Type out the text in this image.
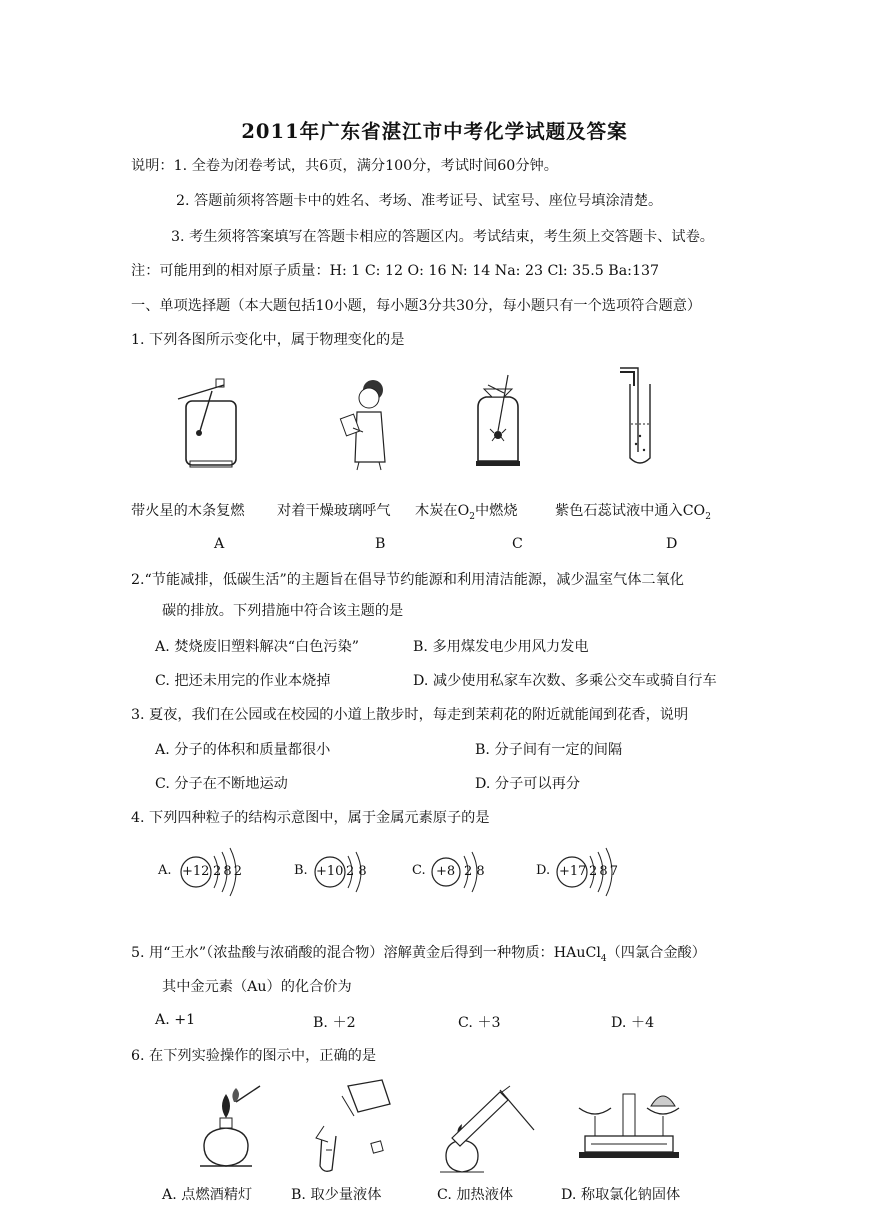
2011年广东省湛江市中考化学试题及答案
说明：1. 全卷为闭卷考试，共6页，满分100分，考试时间60分钟。
2. 答题前须将答题卡中的姓名、考场、准考证号、试室号、座位号填涂清楚。
3. 考生须将答案填写在答题卡相应的答题区内。考试结束，考生须上交答题卡、试卷。
注：可能用到的相对原子质量：H: 1 C: 12 O: 16 N: 14 Na: 23 Cl: 35.5 Ba:137
一、单项选择题（本大题包括10小题，每小题3分共30分，每小题只有一个选项符合题意）
1. 下列各图所示变化中，属于物理变化的是
带火星的木条复燃 对着干燥玻璃呼气 木炭在$O_2$中燃烧	紫色石蕊试液中通入$CO_2$
A	B	C	D
2.“节能减排，低碳生活”的主题旨在倡导节约能源和利用清洁能源，减少温室气体二氧化
碳的排放。下列措施中符合该主题的是
A. 焚烧废旧塑料解决“白色污染”	B. 多用煤发电少用风力发电
C. 把还未用完的作业本烧掉	D. 减少使用私家车次数、多乘公交车或骑自行车
3. 夏夜，我们在公园或在校园的小道上散步时，每走到茉莉花的附近就能闻到花香，说明
A. 分子的体积和质量都很小	B. 分子间有一定的间隔
C. 分子在不断地运动	D. 分子可以再分
4. 下列四种粒子的结构示意图中，属于金属元素原子的是
A. +12 2 8 2	B. +10 2 8	C. +8 2 8	D. +17 2 8 7
5. 用“王水”（浓盐酸与浓硝酸的混合物）溶解黄金后得到一种物质：HAuCl$_4$（四氯合金酸）
其中金元素（Au）的化合价为
A. +1	B. ＋2	C. ＋3	D. ＋4
6. 在下列实验操作的图示中，正确的是
A. 点燃酒精灯	B. 取少量液体	C. 加热液体	D. 称取氯化钠固体
